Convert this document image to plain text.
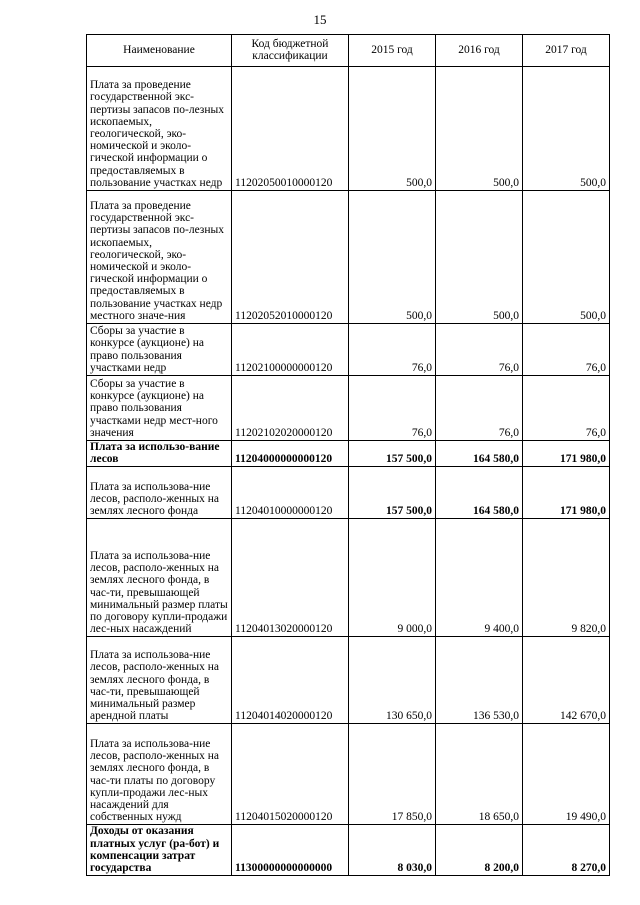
15
Наименование	Код бюджетной классификации	2015 год	2016 год	2017 год
Плата за проведение государственной экс-пертизы запасов по-лезных ископаемых, геологической, эко-номической и эколо-гической информации о предоставляемых в пользование участках недр	11202050010000120	500,0	500,0	500,0
Плата за проведение государственной экс-пертизы запасов по-лезных ископаемых, геологической, эко-номической и эколо-гической информации о предоставляемых в пользование участках недр местного значе-ния	11202052010000120	500,0	500,0	500,0
Сборы за участие в конкурсе (аукционе) на право пользования участками недр	11202100000000120	76,0	76,0	76,0
Сборы за участие в конкурсе (аукционе) на право пользования участками недр мест-ного значения	11202102020000120	76,0	76,0	76,0
Плата за использо-вание лесов	11204000000000120	157 500,0	164 580,0	171 980,0
Плата за использова-ние лесов, располо-женных на землях лесного фонда	11204010000000120	157 500,0	164 580,0	171 980,0
Плата за использова-ние лесов, располо-женных на землях лесного фонда, в час-ти, превышающей минимальный размер платы по договору купли-продажи лес-ных насаждений	11204013020000120	9 000,0	9 400,0	9 820,0
Плата за использова-ние лесов, располо-женных на землях лесного фонда, в час-ти, превышающей минимальный размер арендной платы	11204014020000120	130 650,0	136 530,0	142 670,0
Плата за использова-ние лесов, располо-женных на землях лесного фонда, в час-ти платы по договору купли-продажи лес-ных насаждений для собственных нужд	11204015020000120	17 850,0	18 650,0	19 490,0
Доходы от оказания платных услуг (ра-бот) и компенсации затрат государства	11300000000000000	8 030,0	8 200,0	8 270,0
